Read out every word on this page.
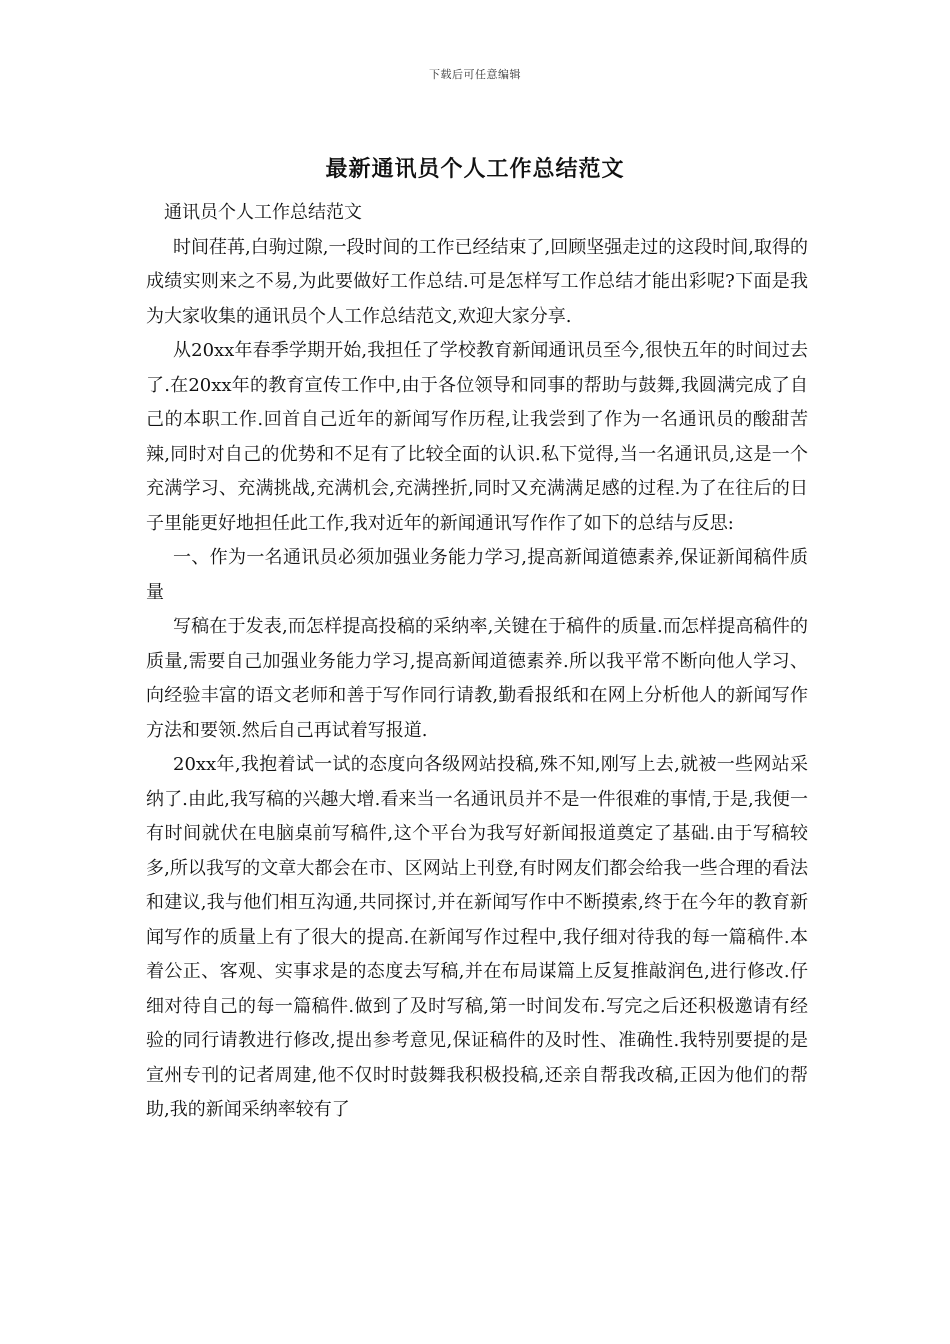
下载后可任意编辑
最新通讯员个人工作总结范文

通讯员个人工作总结范文

时间荏苒,白驹过隙,一段时间的工作已经结束了,回顾坚强走过的这段时间,取得的成绩实则来之不易,为此要做好工作总结.可是怎样写工作总结才能出彩呢?下面是我为大家收集的通讯员个人工作总结范文,欢迎大家分享.

从20xx年春季学期开始,我担任了学校教育新闻通讯员至今,很快五年的时间过去了.在20xx年的教育宣传工作中,由于各位领导和同事的帮助与鼓舞,我圆满完成了自己的本职工作.回首自己近年的新闻写作历程,让我尝到了作为一名通讯员的酸甜苦辣,同时对自己的优势和不足有了比较全面的认识.私下觉得,当一名通讯员,这是一个充满学习、充满挑战,充满机会,充满挫折,同时又充满满足感的过程.为了在往后的日子里能更好地担任此工作,我对近年的新闻通讯写作作了如下的总结与反思:

一、作为一名通讯员必须加强业务能力学习,提高新闻道德素养,保证新闻稿件质量

写稿在于发表,而怎样提高投稿的采纳率,关键在于稿件的质量.而怎样提高稿件的质量,需要自己加强业务能力学习,提高新闻道德素养.所以我平常不断向他人学习、向经验丰富的语文老师和善于写作同行请教,勤看报纸和在网上分析他人的新闻写作方法和要领.然后自己再试着写报道.

20xx年,我抱着试一试的态度向各级网站投稿,殊不知,刚写上去,就被一些网站采纳了.由此,我写稿的兴趣大增.看来当一名通讯员并不是一件很难的事情,于是,我便一有时间就伏在电脑桌前写稿件,这个平台为我写好新闻报道奠定了基础.由于写稿较多,所以我写的文章大都会在市、区网站上刊登,有时网友们都会给我一些合理的看法和建议,我与他们相互沟通,共同探讨,并在新闻写作中不断摸索,终于在今年的教育新闻写作的质量上有了很大的提高.在新闻写作过程中,我仔细对待我的每一篇稿件.本着公正、客观、实事求是的态度去写稿,并在布局谋篇上反复推敲润色,进行修改.仔细对待自己的每一篇稿件.做到了及时写稿,第一时间发布.写完之后还积极邀请有经验的同行请教进行修改,提出参考意见,保证稿件的及时性、准确性.我特别要提的是宣州专刊的记者周建,他不仅时时鼓舞我积极投稿,还亲自帮我改稿,正因为他们的帮助,我的新闻采纳率较有了
